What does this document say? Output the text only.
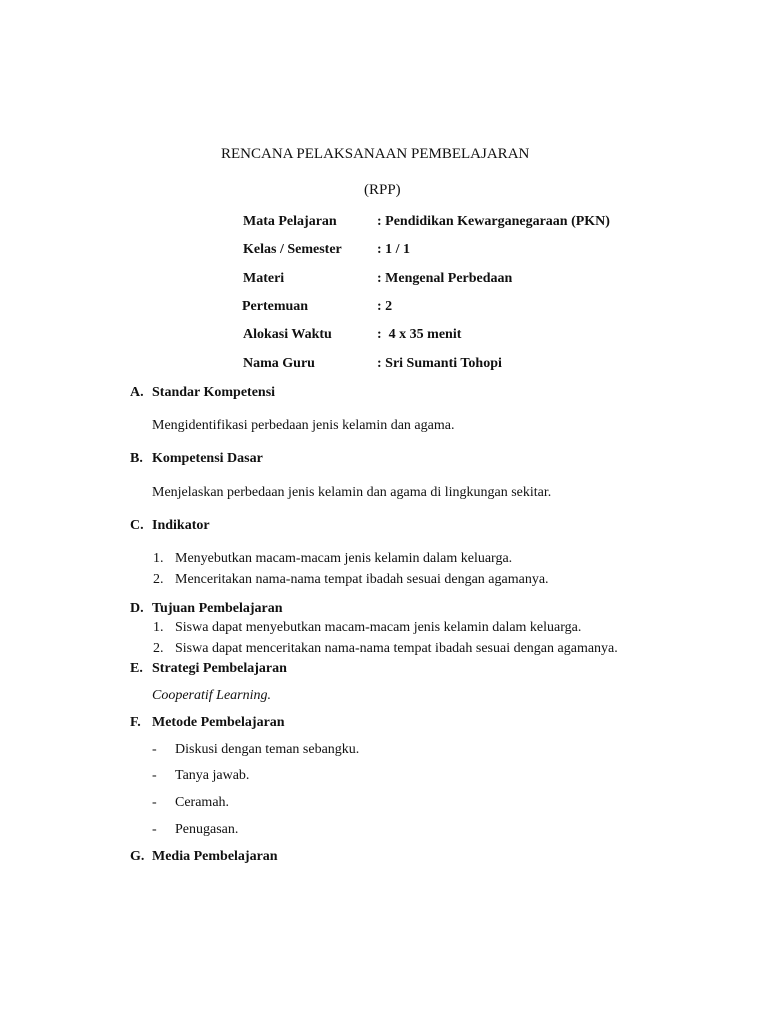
RENCANA PELAKSANAAN PEMBELAJARAN
(RPP)
Mata Pelajaran	: Pendidikan Kewarganegaraan (PKN)
Kelas / Semester	: 1 / 1
Materi	: Mengenal Perbedaan
Pertemuan	: 2
Alokasi Waktu	:  4 x 35 menit
Nama Guru	: Sri Sumanti Tohopi
A. Standar Kompetensi
Mengidentifikasi perbedaan jenis kelamin dan agama.
B. Kompetensi Dasar
Menjelaskan perbedaan jenis kelamin dan agama di lingkungan sekitar.
C. Indikator
1. Menyebutkan macam-macam jenis kelamin dalam keluarga.
2. Menceritakan nama-nama tempat ibadah sesuai dengan agamanya.
D. Tujuan Pembelajaran
1. Siswa dapat menyebutkan macam-macam jenis kelamin dalam keluarga.
2. Siswa dapat menceritakan nama-nama tempat ibadah sesuai dengan agamanya.
E. Strategi Pembelajaran
Cooperatif Learning.
F. Metode Pembelajaran
- Diskusi dengan teman sebangku.
- Tanya jawab.
- Ceramah.
- Penugasan.
G. Media Pembelajaran
